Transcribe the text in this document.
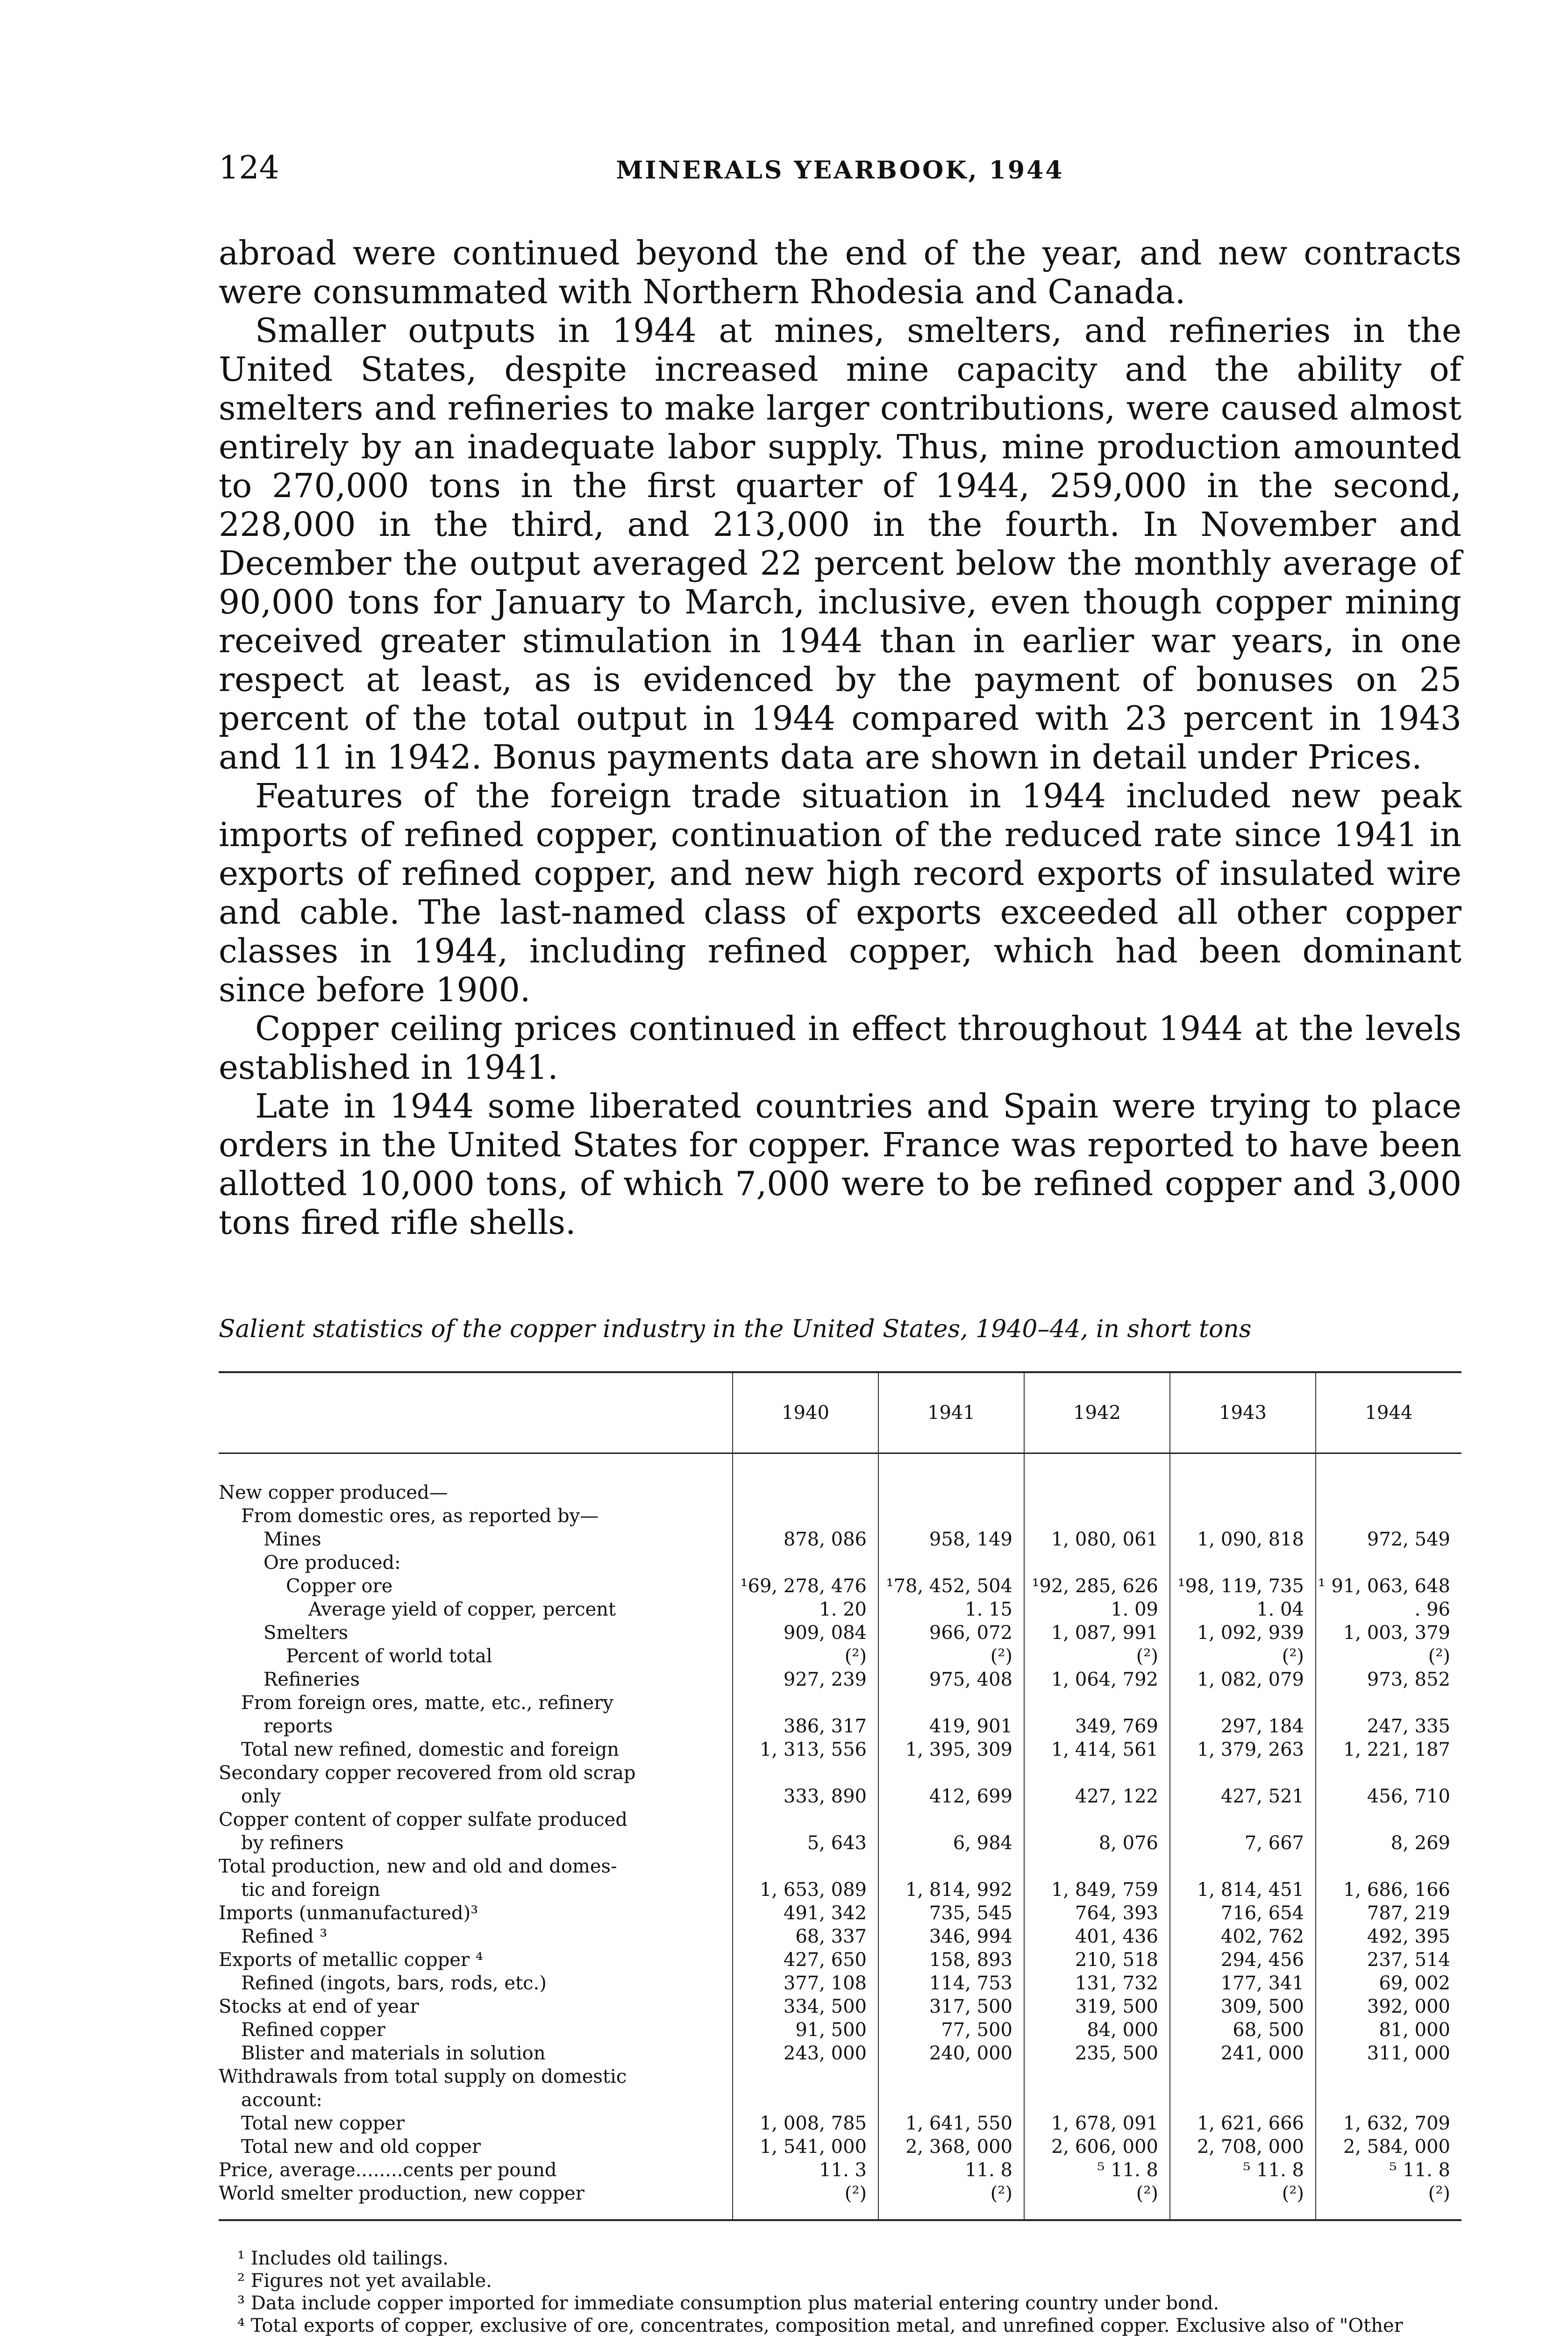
124	MINERALS YEARBOOK, 1944

abroad were continued beyond the end of the year, and new contracts were consummated with Northern Rhodesia and Canada.

Smaller outputs in 1944 at mines, smelters, and refineries in the United States, despite increased mine capacity and the ability of smelters and refineries to make larger contributions, were caused almost entirely by an inadequate labor supply. Thus, mine production amounted to 270,000 tons in the first quarter of 1944, 259,000 in the second, 228,000 in the third, and 213,000 in the fourth. In November and December the output averaged 22 percent below the monthly average of 90,000 tons for January to March, inclusive, even though copper mining received greater stimulation in 1944 than in earlier war years, in one respect at least, as is evidenced by the payment of bonuses on 25 percent of the total output in 1944 compared with 23 percent in 1943 and 11 in 1942. Bonus payments data are shown in detail under Prices.

Features of the foreign trade situation in 1944 included new peak imports of refined copper, continuation of the reduced rate since 1941 in exports of refined copper, and new high record exports of insulated wire and cable. The last-named class of exports exceeded all other copper classes in 1944, including refined copper, which had been dominant since before 1900.

Copper ceiling prices continued in effect throughout 1944 at the levels established in 1941.

Late in 1944 some liberated countries and Spain were trying to place orders in the United States for copper. France was reported to have been allotted 10,000 tons, of which 7,000 were to be refined copper and 3,000 tons fired rifle shells.

Salient statistics of the copper industry in the United States, 1940–44, in short tons
	1940	1941	1942	1943	1944

New copper produced—					
From domestic ores, as reported by—					
Mines	878, 086	958, 149	1, 080, 061	1, 090, 818	972, 549
Ore produced:					
Copper ore	¹69, 278, 476	¹78, 452, 504	¹92, 285, 626	¹98, 119, 735	¹ 91, 063, 648
Average yield of copper, percent	1. 20	1. 15	1. 09	1. 04	. 96
Smelters	909, 084	966, 072	1, 087, 991	1, 092, 939	1, 003, 379
Percent of world total	(²)	(²)	(²)	(²)	(²)
Refineries	927, 239	975, 408	1, 064, 792	1, 082, 079	973, 852
From foreign ores, matte, etc., refinery					
reports	386, 317	419, 901	349, 769	297, 184	247, 335
Total new refined, domestic and foreign	1, 313, 556	1, 395, 309	1, 414, 561	1, 379, 263	1, 221, 187
Secondary copper recovered from old scrap					
only	333, 890	412, 699	427, 122	427, 521	456, 710
Copper content of copper sulfate produced					
by refiners	5, 643	6, 984	8, 076	7, 667	8, 269
Total production, new and old and domes-					
tic and foreign	1, 653, 089	1, 814, 992	1, 849, 759	1, 814, 451	1, 686, 166
Imports (unmanufactured)³	491, 342	735, 545	764, 393	716, 654	787, 219
Refined ³	68, 337	346, 994	401, 436	402, 762	492, 395
Exports of metallic copper ⁴	427, 650	158, 893	210, 518	294, 456	237, 514
Refined (ingots, bars, rods, etc.)	377, 108	114, 753	131, 732	177, 341	69, 002
Stocks at end of year	334, 500	317, 500	319, 500	309, 500	392, 000
Refined copper	91, 500	77, 500	84, 000	68, 500	81, 000
Blister and materials in solution	243, 000	240, 000	235, 500	241, 000	311, 000
Withdrawals from total supply on domestic					
account:					
Total new copper	1, 008, 785	1, 641, 550	1, 678, 091	1, 621, 666	1, 632, 709
Total new and old copper	1, 541, 000	2, 368, 000	2, 606, 000	2, 708, 000	2, 584, 000
Price, average........cents per pound	11. 3	11. 8	⁵ 11. 8	⁵ 11. 8	⁵ 11. 8
World smelter production, new copper	(²)	(²)	(²)	(²)	(²)
¹ Includes old tailings.
² Figures not yet available.
³ Data include copper imported for immediate consumption plus material entering country under bond.
⁴ Total exports of copper, exclusive of ore, concentrates, composition metal, and unrefined copper. Exclusive also of "Other
